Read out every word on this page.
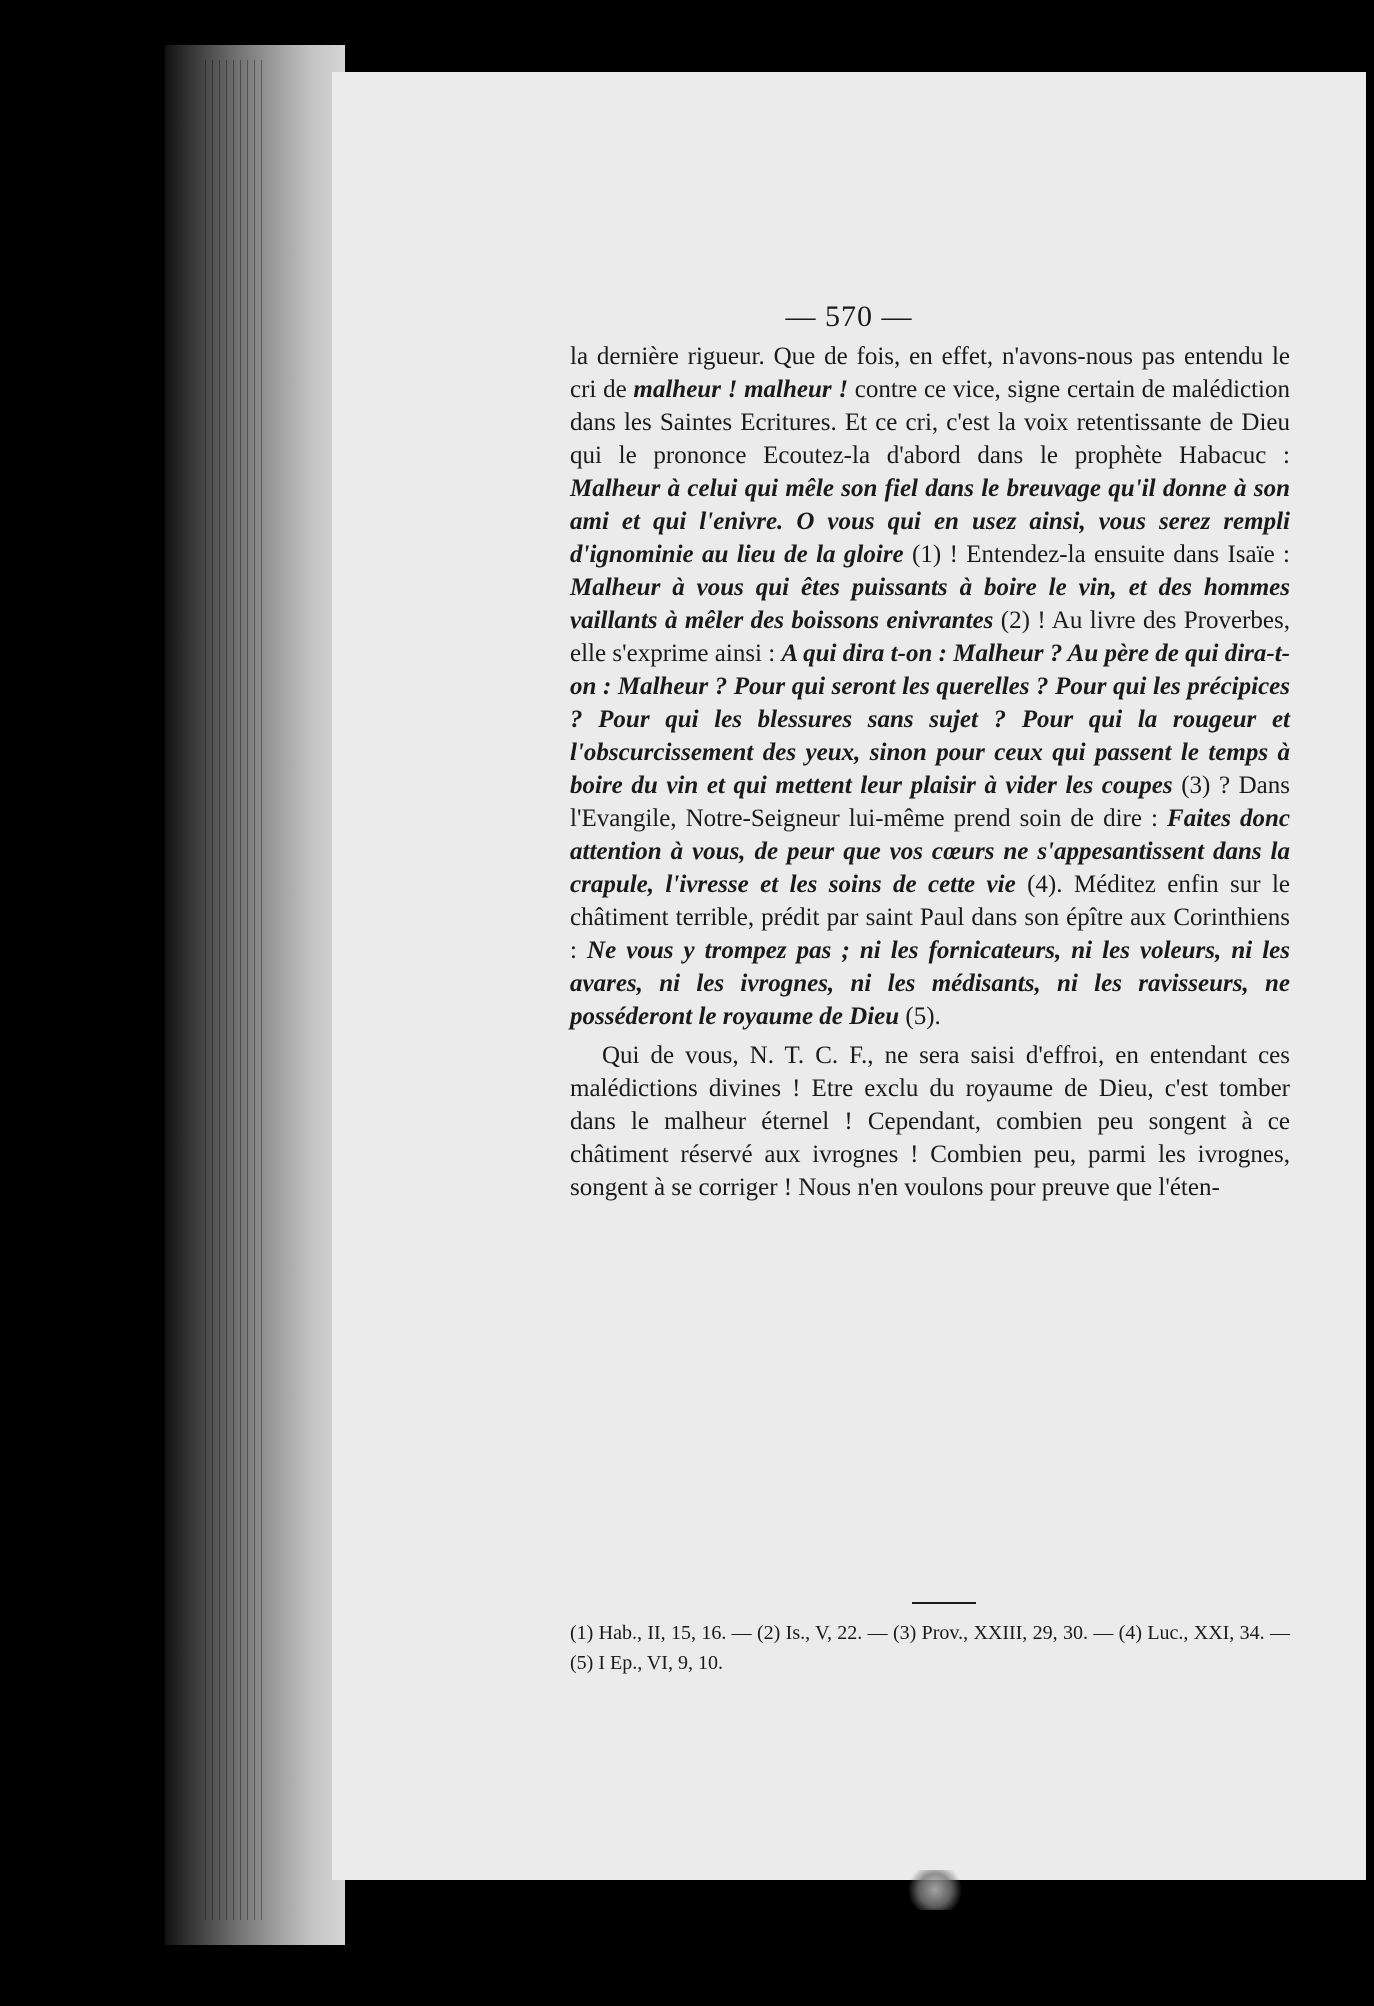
— 570 —

la dernière rigueur. Que de fois, en effet, n'avons-nous pas entendu le cri de malheur ! malheur ! contre ce vice, signe certain de malédiction dans les Saintes Ecritures. Et ce cri, c'est la voix retentissante de Dieu qui le prononce Ecoutez-la d'abord dans le prophète Habacuc : Malheur à celui qui mêle son fiel dans le breuvage qu'il donne à son ami et qui l'enivre. O vous qui en usez ainsi, vous serez rempli d'ignominie au lieu de la gloire (1) ! Entendez-la ensuite dans Isaïe : Malheur à vous qui êtes puissants à boire le vin, et des hommes vaillants à mêler des boissons enivrantes (2) ! Au livre des Proverbes, elle s'exprime ainsi : A qui dira t-on : Malheur ? Au père de qui dira-t-on : Malheur ? Pour qui seront les querelles ? Pour qui les précipices ? Pour qui les blessures sans sujet ? Pour qui la rougeur et l'obscurcissement des yeux, sinon pour ceux qui passent le temps à boire du vin et qui mettent leur plaisir à vider les coupes (3) ? Dans l'Evangile, Notre-Seigneur lui-même prend soin de dire : Faites donc attention à vous, de peur que vos cœurs ne s'appesantissent dans la crapule, l'ivresse et les soins de cette vie (4). Méditez enfin sur le châtiment terrible, prédit par saint Paul dans son épître aux Corinthiens : Ne vous y trompez pas ; ni les fornicateurs, ni les voleurs, ni les avares, ni les ivrognes, ni les médisants, ni les ravisseurs, ne posséderont le royaume de Dieu (5).

Qui de vous, N. T. C. F., ne sera saisi d'effroi, en entendant ces malédictions divines ! Etre exclu du royaume de Dieu, c'est tomber dans le malheur éternel ! Cependant, combien peu songent à ce châtiment réservé aux ivrognes ! Combien peu, parmi les ivrognes, songent à se corriger ! Nous n'en voulons pour preuve que l'éten-

(1) Hab., II, 15, 16. — (2) Is., V, 22. — (3) Prov., XXIII, 29, 30. — (4) Luc., XXI, 34. — (5) I Ep., VI, 9, 10.
